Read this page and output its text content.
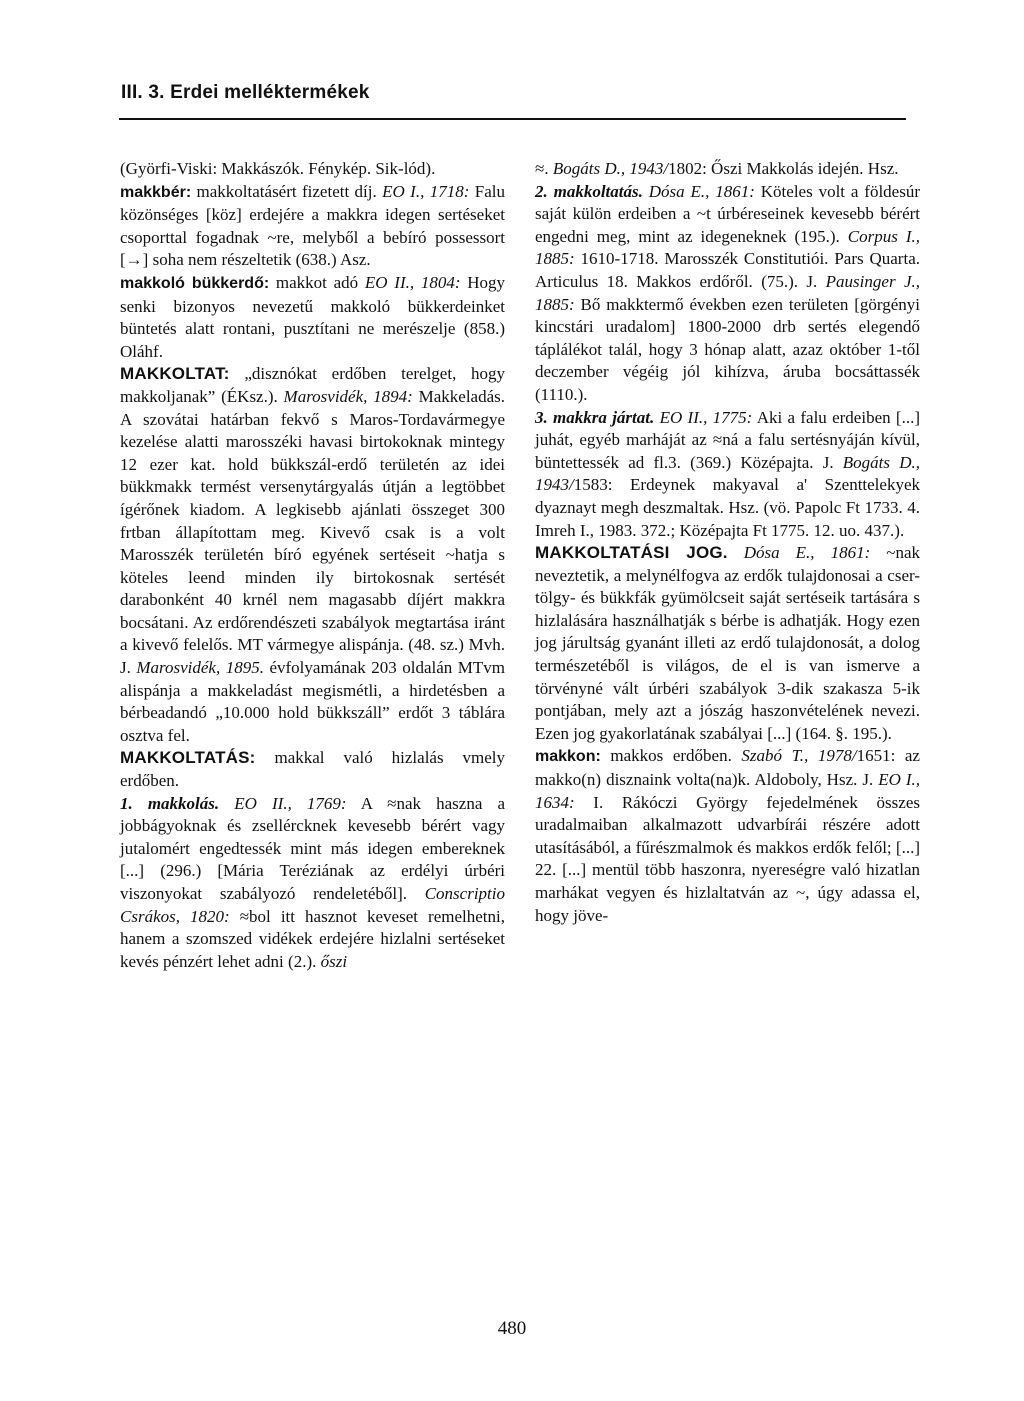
III. 3. Erdei melléktermékek

(Györfi-Viski: Makkászók. Fénykép. Sik-lód).

makkbér: makkoltatásért fizetett díj. EO I., 1718: Falu közönséges [köz] erdejére a makkra idegen sertéseket csoporttal fogadnak ~re, melyből a bebíró possessort [→] soha nem részeltetik (638.) Asz.

makkoló bükkerdő: makkot adó EO II., 1804: Hogy senki bizonyos nevezetű makkoló bükkerdeinket büntetés alatt rontani, pusztítani ne merészelje (858.) Oláhf.

MAKKOLTAT: „disznókat erdőben terelget, hogy makkoljanak” (ÉKsz.). Marosvidék, 1894: Makkeladás. A szovátai határban fekvő s Maros-Tordavármegye kezelése alatti marosszéki havasi birtokoknak mintegy 12 ezer kat. hold bükkszál-erdő területén az idei bükkmakk termést versenytárgyalás útján a legtöbbet ígérőnek kiadom. A legkisebb ajánlati összeget 300 frtban állapítottam meg. Kivevő csak is a volt Marosszék területén bíró egyének sertéseit ~hatja s köteles leend minden ily birtokosnak sertését darabonként 40 krnél nem magasabb díjért makkra bocsátani. Az erdőrendészeti szabályok megtartása iránt a kivevő felelős. MT vármegye alispánja. (48. sz.) Mvh. J. Marosvidék, 1895. évfolyamának 203 oldalán MTvm alispánja a makkeladást megismétli, a hirdetésben a bérbeadandó „10.000 hold bükkszáll” erdőt 3 táblára osztva fel.

MAKKOLTATÁS: makkal való hizlalás vmely erdőben.

1. makkolás. EO II., 1769: A ≈nak haszna a jobbágyoknak és zsellércknek kevesebb bérért vagy jutalomért engedtessék mint más idegen embereknek [...] (296.) [Mária Teréziának az erdélyi úrbéri viszonyokat szabályozó rendeletéből]. Conscriptio Csrákos, 1820: ≈bol itt hasznot keveset remelhetni, hanem a szomszed vidékek erdejére hizlalni sertéseket kevés pénzért lehet adni (2.). őszi

≈. Bogáts D., 1943/1802: Őszi Makkolás idején. Hsz.

2. makkoltatás. Dósa E., 1861: Köteles volt a földesúr saját külön erdeiben a ~t úrbéreseinek kevesebb bérért engedni meg, mint az idegeneknek (195.). Corpus I., 1885: 1610-1718. Marosszék Constitutiói. Pars Quarta. Articulus 18. Makkos erdőről. (75.). J. Pausinger J., 1885: Bő makktermő években ezen területen [görgényi kincstári uradalom] 1800-2000 drb sertés elegendő táplálékot talál, hogy 3 hónap alatt, azaz október 1-től deczember végéig jól kihízva, áruba bocsáttassék (1110.).

3. makkra jártat. EO II., 1775: Aki a falu erdeiben [...] juhát, egyéb marháját az ≈ná a falu sertésnyáján kívül, büntettessék ad fl.3. (369.) Középajta. J. Bogáts D., 1943/1583: Erdeynek makyaval a' Szenttelekyek dyaznayt megh deszmaltak. Hsz. (vö. Papolc Ft 1733. 4. Imreh I., 1983. 372.; Középajta Ft 1775. 12. uo. 437.).

MAKKOLTATÁSI JOG. Dósa E., 1861: ~nak neveztetik, a melynélfogva az erdők tulajdonosai a cser- tölgy- és bükkfák gyümölcseit saját sertéseik tartására s hizlalására használhatják s bérbe is adhatják. Hogy ezen jog járultság gyanánt illeti az erdő tulajdonosát, a dolog természetéből is világos, de el is van ismerve a törvényné vált úrbéri szabályok 3-dik szakasza 5-ik pontjában, mely azt a jószág haszonvételének nevezi. Ezen jog gyakorlatának szabályai [...] (164. §. 195.).

makkon: makkos erdőben. Szabó T., 1978/1651: az makko(n) disznaink volta(na)k. Aldoboly, Hsz. J. EO I., 1634: I. Rákóczi György fejedelmének összes uradalmaiban alkalmazott udvarbírái részére adott utasításából, a fűrészmalmok és makkos erdők felől; [...] 22. [...] mentül több haszonra, nyereségre való hizatlan marhákat vegyen és hizlaltatván az ~, úgy adassa el, hogy jöve-

480
